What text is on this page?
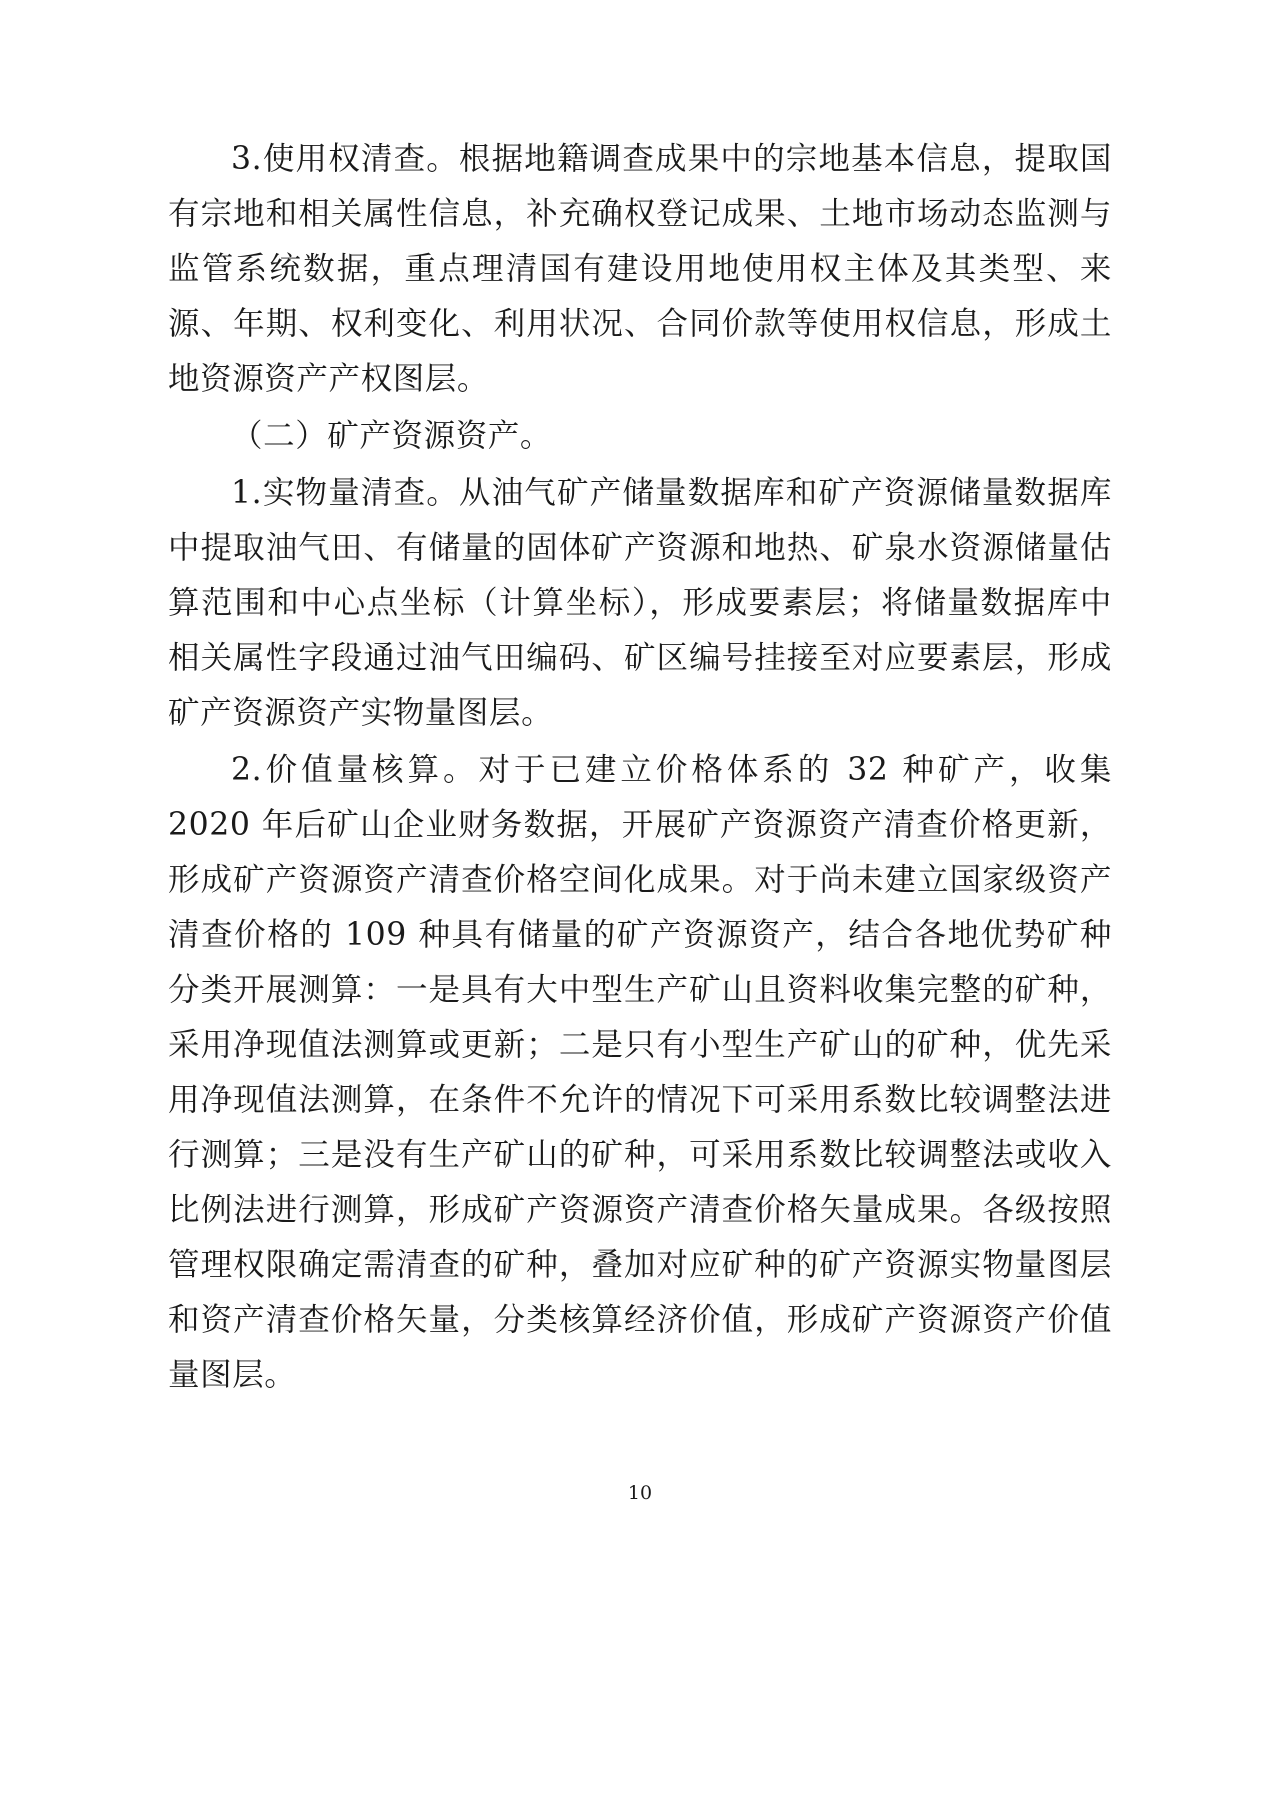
3.使用权清查。根据地籍调查成果中的宗地基本信息，提取国有宗地和相关属性信息，补充确权登记成果、土地市场动态监测与监管系统数据，重点理清国有建设用地使用权主体及其类型、来源、年期、权利变化、利用状况、合同价款等使用权信息，形成土地资源资产产权图层。

（二）矿产资源资产。

1.实物量清查。从油气矿产储量数据库和矿产资源储量数据库中提取油气田、有储量的固体矿产资源和地热、矿泉水资源储量估算范围和中心点坐标（计算坐标），形成要素层；将储量数据库中相关属性字段通过油气田编码、矿区编号挂接至对应要素层，形成矿产资源资产实物量图层。

2.价值量核算。对于已建立价格体系的 32 种矿产，收集 2020 年后矿山企业财务数据，开展矿产资源资产清查价格更新，形成矿产资源资产清查价格空间化成果。对于尚未建立国家级资产清查价格的 109 种具有储量的矿产资源资产，结合各地优势矿种分类开展测算：一是具有大中型生产矿山且资料收集完整的矿种，采用净现值法测算或更新；二是只有小型生产矿山的矿种，优先采用净现值法测算，在条件不允许的情况下可采用系数比较调整法进行测算；三是没有生产矿山的矿种，可采用系数比较调整法或收入比例法进行测算，形成矿产资源资产清查价格矢量成果。各级按照管理权限确定需清查的矿种，叠加对应矿种的矿产资源实物量图层和资产清查价格矢量，分类核算经济价值，形成矿产资源资产价值量图层。

10
